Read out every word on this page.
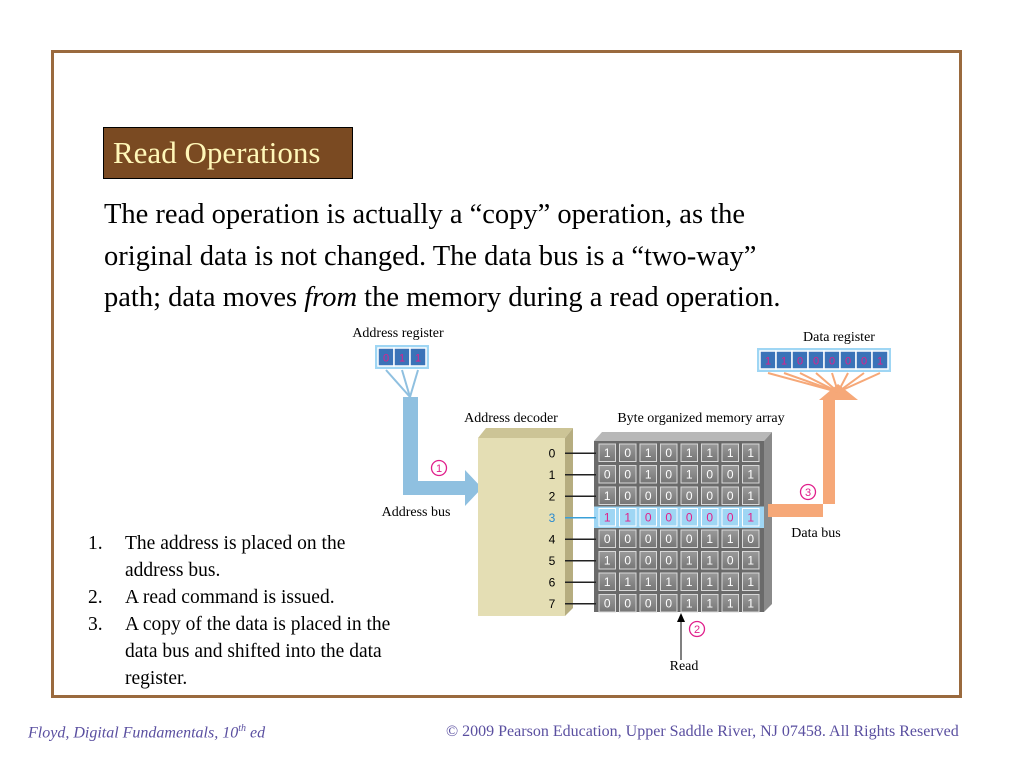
Read Operations
The read operation is actually a “copy” operation, as the
original data is not changed. The data bus is a “two-way”
path; data moves from the memory during a read operation.
Address register
0 1 1
Address bus
Address decoder	Byte organized memory array
0	1 0 1 0 1 1 1 1
1	0 0 1 0 1 0 0 1
2	1 0 0 0 0 0 0 1
3	1 1 0 0 0 0 0 1
4	0 0 0 0 0 1 1 0
5	1 0 0 0 1 1 0 1
6	1 1 1 1 1 1 1 1
7	0 0 0 0 1 1 1 1
Read
Data bus
Data register
1 1 0 0 0 0 0 1
1
2
3
1. The address is placed on the address bus.
2. A read command is issued.
3. A copy of the data is placed in the data bus and shifted into the data register.
Floyd, Digital Fundamentals, 10th ed	© 2009 Pearson Education, Upper Saddle River, NJ 07458. All Rights Reserved
